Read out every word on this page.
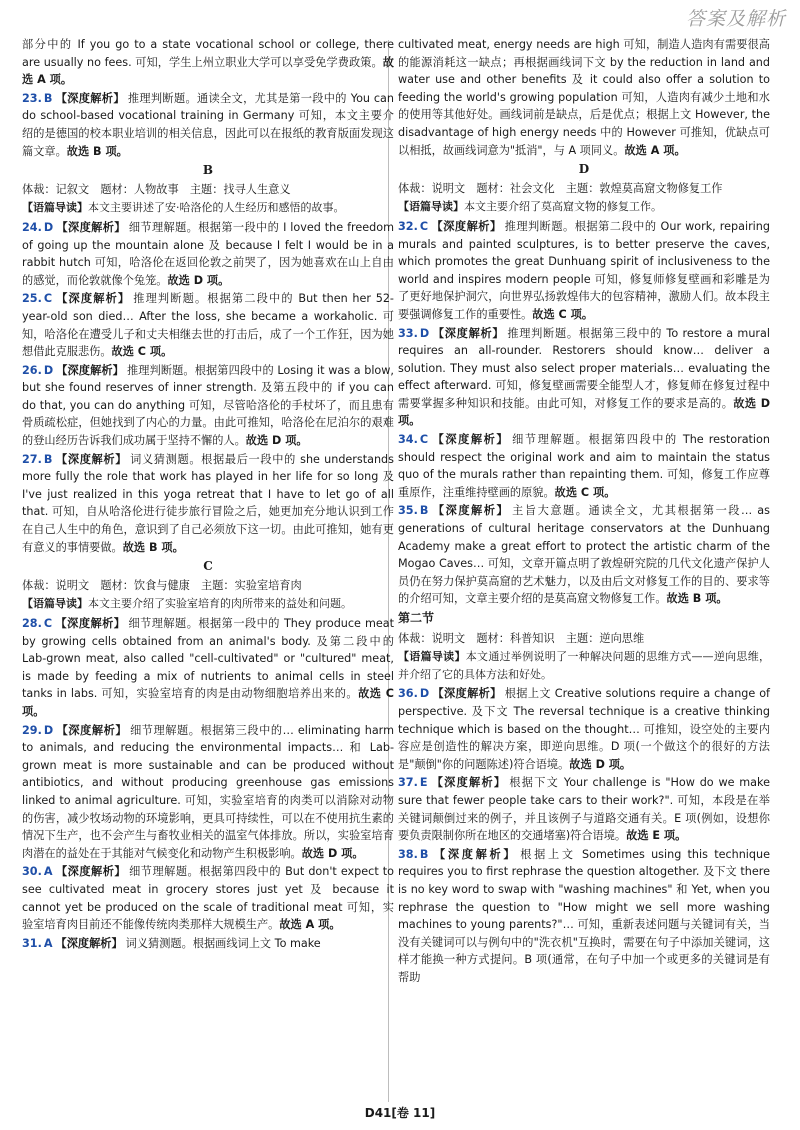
答案及解析

部分中的 If you go to a state vocational school or college, there are usually no fees. 可知，学生上州立职业大学可以享受免学费政策。故选 A 项。

23. B 【深度解析】 推理判断题。通读全文，尤其是第一段中的 You can do school-based vocational training in Germany 可知，本文主要介绍的是德国的校本职业培训的相关信息，因此可以在报纸的教育版面发现这篇文章。故选 B 项。

B

体裁：记叙文　题材：人物故事　主题：找寻人生意义

【语篇导读】本文主要讲述了安·哈洛伦的人生经历和感悟的故事。

24. D 【深度解析】 细节理解题。根据第一段中的 I loved the freedom of going up the mountain alone 及 because I felt I would be in a rabbit hutch 可知，哈洛伦在返回伦敦之前哭了，因为她喜欢在山上自由的感觉，而伦敦就像个兔笼。故选 D 项。

25. C 【深度解析】 推理判断题。根据第二段中的 But then her 52-year-old son died… After the loss, she became a workaholic. 可知，哈洛伦在遭受儿子和丈夫相继去世的打击后，成了一个工作狂，因为她想借此克服悲伤。故选 C 项。

26. D 【深度解析】 推理判断题。根据第四段中的 Losing it was a blow, but she found reserves of inner strength. 及第五段中的 if you can do that, you can do anything 可知，尽管哈洛伦的手杖坏了，而且患有骨质疏松症，但她找到了内心的力量。由此可推知，哈洛伦在尼泊尔的艰难的登山经历告诉我们成功属于坚持不懈的人。故选 D 项。

27. B 【深度解析】 词义猜测题。根据最后一段中的 she understands more fully the role that work has played in her life for so long 及 I've just realized in this yoga retreat that I have to let go of all that. 可知，自从哈洛伦进行徒步旅行冒险之后，她更加充分地认识到工作在自己人生中的角色，意识到了自己必须放下这一切。由此可推知，她有更有意义的事情要做。故选 B 项。

C

体裁：说明文　题材：饮食与健康　主题：实验室培育肉

【语篇导读】本文主要介绍了实验室培育的肉所带来的益处和问题。

28. C 【深度解析】 细节理解题。根据第一段中的 They produce meat by growing cells obtained from an animal's body. 及第二段中的 Lab-grown meat, also called "cell-cultivated" or "cultured" meat, is made by feeding a mix of nutrients to animal cells in steel tanks in labs. 可知，实验室培育的肉是由动物细胞培养出来的。故选 C 项。

29. D 【深度解析】 细节理解题。根据第三段中的… eliminating harm to animals, and reducing the environmental impacts… 和 Lab-grown meat is more sustainable and can be produced without antibiotics, and without producing greenhouse gas emissions linked to animal agriculture. 可知，实验室培育的肉类可以消除对动物的伤害，减少牧场动物的环境影响，更具可持续性，可以在不使用抗生素的情况下生产，也不会产生与畜牧业相关的温室气体排放。所以，实验室培育肉潜在的益处在于其能对气候变化和动物产生积极影响。故选 D 项。

30. A 【深度解析】 细节理解题。根据第四段中的 But don't expect to see cultivated meat in grocery stores just yet 及 because it cannot yet be produced on the scale of traditional meat 可知，实验室培育肉目前还不能像传统肉类那样大规模生产。故选 A 项。

31. A 【深度解析】 词义猜测题。根据画线词上文 To make

cultivated meat, energy needs are high 可知，制造人造肉有需要很高的能源消耗这一缺点；再根据画线词下文 by the reduction in land and water use and other benefits 及 it could also offer a solution to feeding the world's growing population 可知，人造肉有减少土地和水的使用等其他好处。画线词前是缺点，后是优点；根据上文 However, the disadvantage of high energy needs 中的 However 可推知，优缺点可以相抵，故画线词意为"抵消"，与 A 项同义。故选 A 项。

D

体裁：说明文　题材：社会文化　主题：敦煌莫高窟文物修复工作

【语篇导读】本文主要介绍了莫高窟文物的修复工作。

32. C 【深度解析】 推理判断题。根据第二段中的 Our work, repairing murals and painted sculptures, is to better preserve the caves, which promotes the great Dunhuang spirit of inclusiveness to the world and inspires modern people 可知，修复师修复壁画和彩雕是为了更好地保护洞穴，向世界弘扬敦煌伟大的包容精神，激励人们。故本段主要强调修复工作的重要性。故选 C 项。

33. D 【深度解析】 推理判断题。根据第三段中的 To restore a mural requires an all-rounder. Restorers should know… deliver a solution. They must also select proper materials… evaluating the effect afterward. 可知，修复壁画需要全能型人才，修复师在修复过程中需要掌握多种知识和技能。由此可知，对修复工作的要求是高的。故选 D 项。

34. C 【深度解析】 细节理解题。根据第四段中的 The restoration should respect the original work and aim to maintain the status quo of the murals rather than repainting them. 可知，修复工作应尊重原作，注重维持壁画的原貌。故选 C 项。

35. B 【深度解析】 主旨大意题。通读全文，尤其根据第一段… as generations of cultural heritage conservators at the Dunhuang Academy make a great effort to protect the artistic charm of the Mogao Caves… 可知，文章开篇点明了敦煌研究院的几代文化遗产保护人员仍在努力保护莫高窟的艺术魅力，以及由后文对修复工作的目的、要求等的介绍可知，文章主要介绍的是莫高窟文物修复工作。故选 B 项。

第二节

体裁：说明文　题材：科普知识　主题：逆向思维

【语篇导读】本文通过举例说明了一种解决问题的思维方式——逆向思维，并介绍了它的具体方法和好处。

36. D 【深度解析】 根据上文 Creative solutions require a change of perspective. 及下文 The reversal technique is a creative thinking technique which is based on the thought… 可推知，设空处的主要内容应是创造性的解决方案，即逆向思维。D 项(一个做这个的很好的方法是"颠倒"你的问题陈述)符合语境。故选 D 项。

37. E 【深度解析】 根据下文 Your challenge is "How do we make sure that fewer people take cars to their work?". 可知，本段是在举关键词颠倒过来的例子，并且该例子与道路交通有关。E 项(例如，设想你要负责限制你所在地区的交通堵塞)符合语境。故选 E 项。

38. B 【深度解析】 根据上文 Sometimes using this technique requires you to first rephrase the question altogether. 及下文 there is no key word to swap with "washing machines" 和 Yet, when you rephrase the question to "How might we sell more washing machines to young parents?"… 可知，重新表述问题与关键词有关，当没有关键词可以与例句中的"洗衣机"互换时，需要在句子中添加关键词，这样才能换一种方式提问。B 项(通常，在句子中加一个或更多的关键词是有帮助

D41[卷 11]
